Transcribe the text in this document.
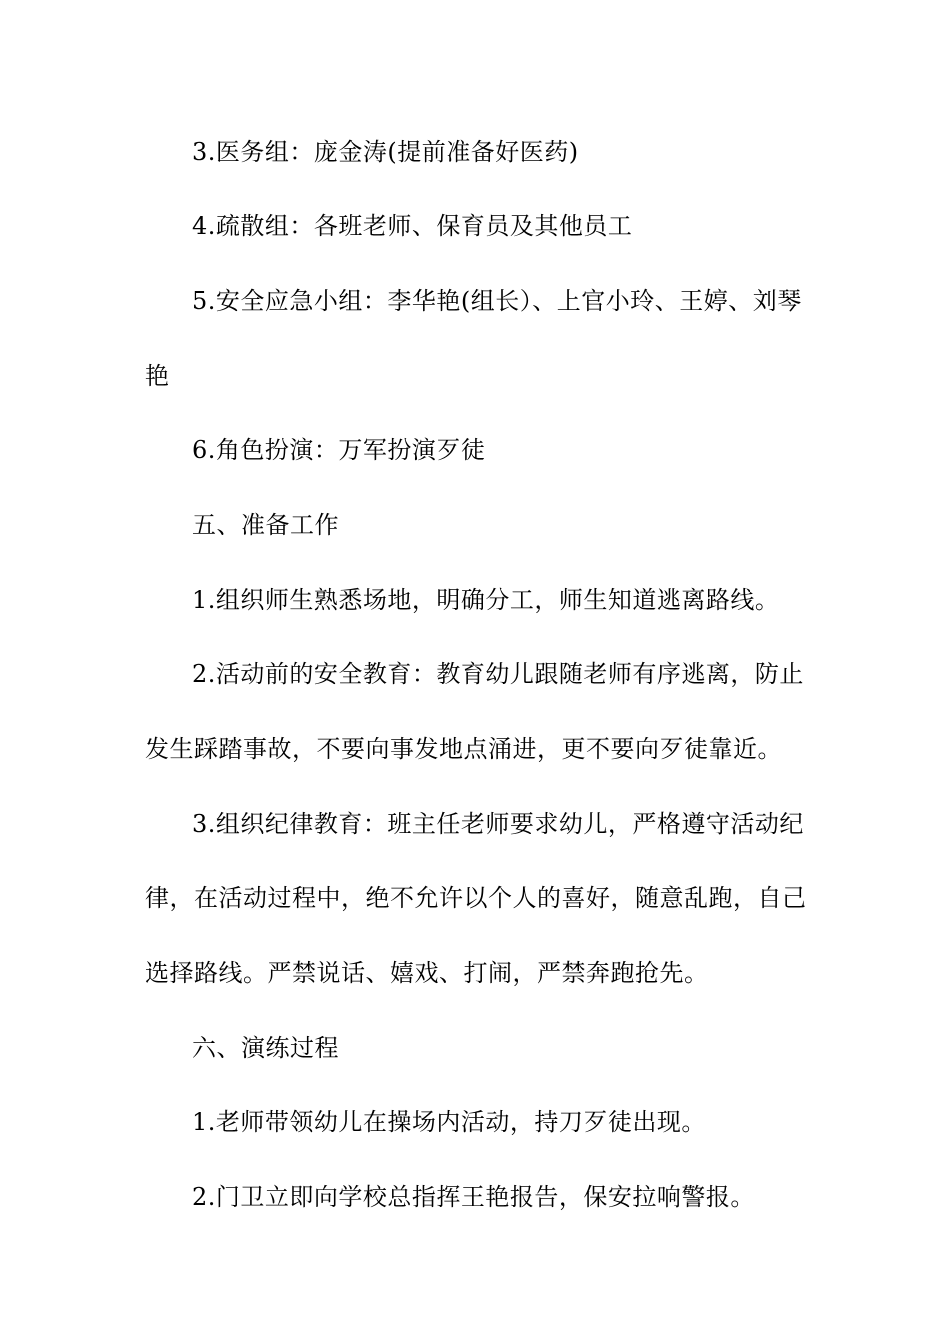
3.医务组：庞金涛(提前准备好医药)
4.疏散组：各班老师、保育员及其他员工
5.安全应急小组：李华艳(组长）、上官小玲、王婷、刘琴
艳
6.角色扮演：万军扮演歹徒
五、准备工作
1.组织师生熟悉场地，明确分工，师生知道逃离路线。
2.活动前的安全教育：教育幼儿跟随老师有序逃离，防止
发生踩踏事故，不要向事发地点涌进，更不要向歹徒靠近。
3.组织纪律教育：班主任老师要求幼儿，严格遵守活动纪
律，在活动过程中，绝不允许以个人的喜好，随意乱跑，自己
选择路线。严禁说话、嬉戏、打闹，严禁奔跑抢先。
六、演练过程
1.老师带领幼儿在操场内活动，持刀歹徒出现。
2.门卫立即向学校总指挥王艳报告，保安拉响警报。
